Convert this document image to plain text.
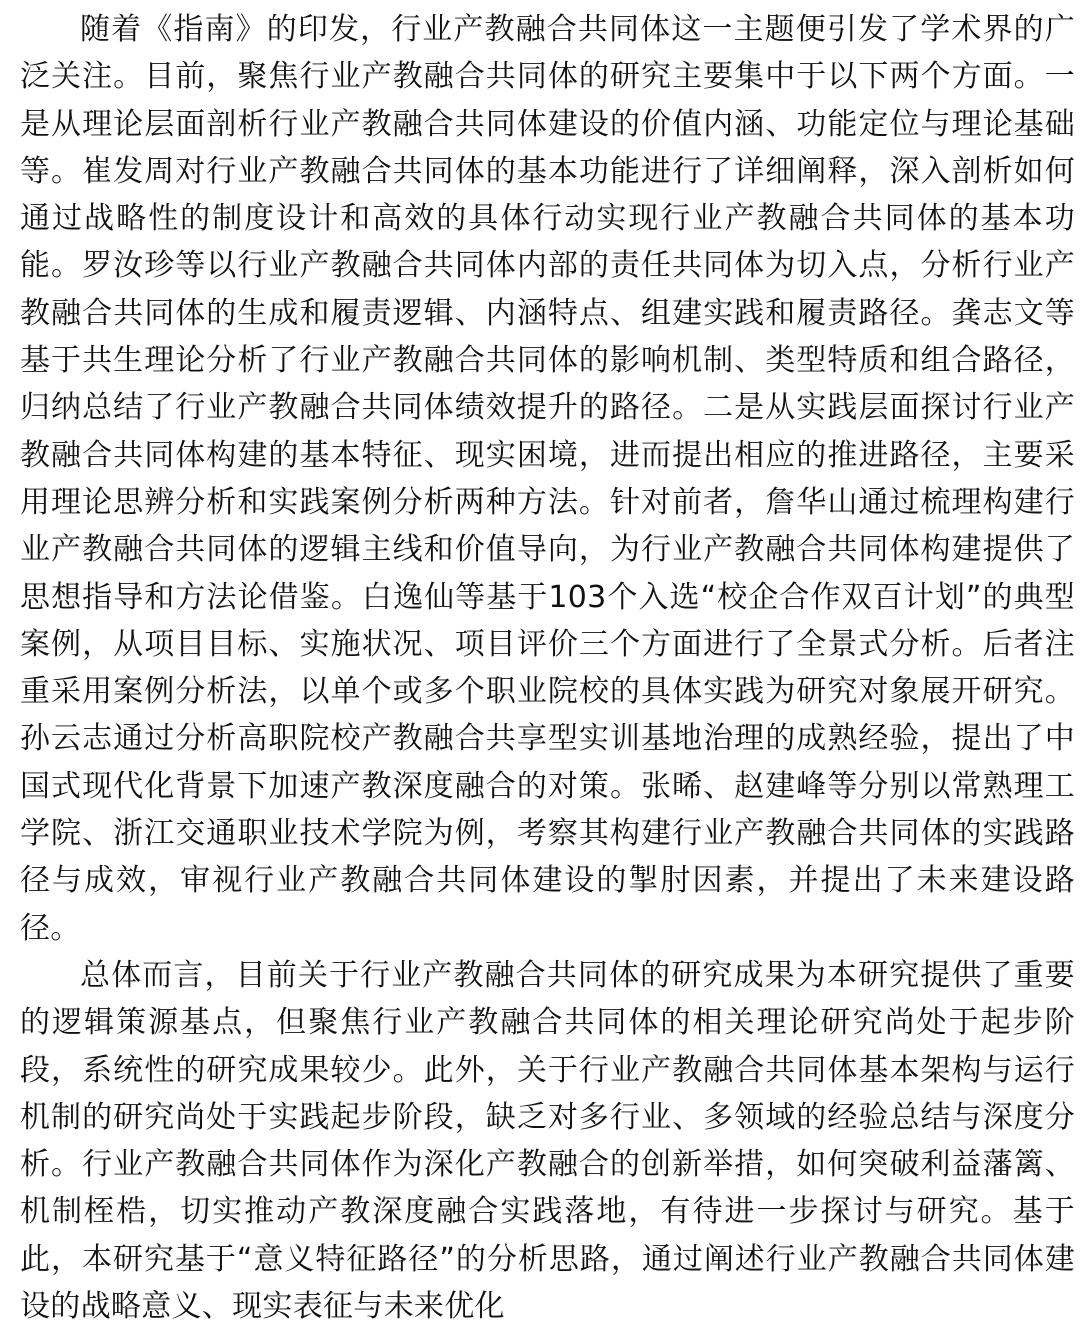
随着《指南》的印发，行业产教融合共同体这一主题便引发了学术界的广泛关注。目前，聚焦行业产教融合共同体的研究主要集中于以下两个方面。一是从理论层面剖析行业产教融合共同体建设的价值内涵、功能定位与理论基础等。崔发周对行业产教融合共同体的基本功能进行了详细阐释，深入剖析如何通过战略性的制度设计和高效的具体行动实现行业产教融合共同体的基本功能。罗汝珍等以行业产教融合共同体内部的责任共同体为切入点，分析行业产教融合共同体的生成和履责逻辑、内涵特点、组建实践和履责路径。龚志文等基于共生理论分析了行业产教融合共同体的影响机制、类型特质和组合路径，归纳总结了行业产教融合共同体绩效提升的路径。二是从实践层面探讨行业产教融合共同体构建的基本特征、现实困境，进而提出相应的推进路径，主要采用理论思辨分析和实践案例分析两种方法。针对前者，詹华山通过梳理构建行业产教融合共同体的逻辑主线和价值导向，为行业产教融合共同体构建提供了思想指导和方法论借鉴。白逸仙等基于103个入选“校企合作双百计划”的典型案例，从项目目标、实施状况、项目评价三个方面进行了全景式分析。后者注重采用案例分析法，以单个或多个职业院校的具体实践为研究对象展开研究。孙云志通过分析高职院校产教融合共享型实训基地治理的成熟经验，提出了中国式现代化背景下加速产教深度融合的对策。张晞、赵建峰等分别以常熟理工学院、浙江交通职业技术学院为例，考察其构建行业产教融合共同体的实践路径与成效，审视行业产教融合共同体建设的掣肘因素，并提出了未来建设路径。

总体而言，目前关于行业产教融合共同体的研究成果为本研究提供了重要的逻辑策源基点，但聚焦行业产教融合共同体的相关理论研究尚处于起步阶段，系统性的研究成果较少。此外，关于行业产教融合共同体基本架构与运行机制的研究尚处于实践起步阶段，缺乏对多行业、多领域的经验总结与深度分析。行业产教融合共同体作为深化产教融合的创新举措，如何突破利益藩篱、机制桎梏，切实推动产教深度融合实践落地，有待进一步探讨与研究。基于此，本研究基于“意义特征路径”的分析思路，通过阐述行业产教融合共同体建设的战略意义、现实表征与未来优化
